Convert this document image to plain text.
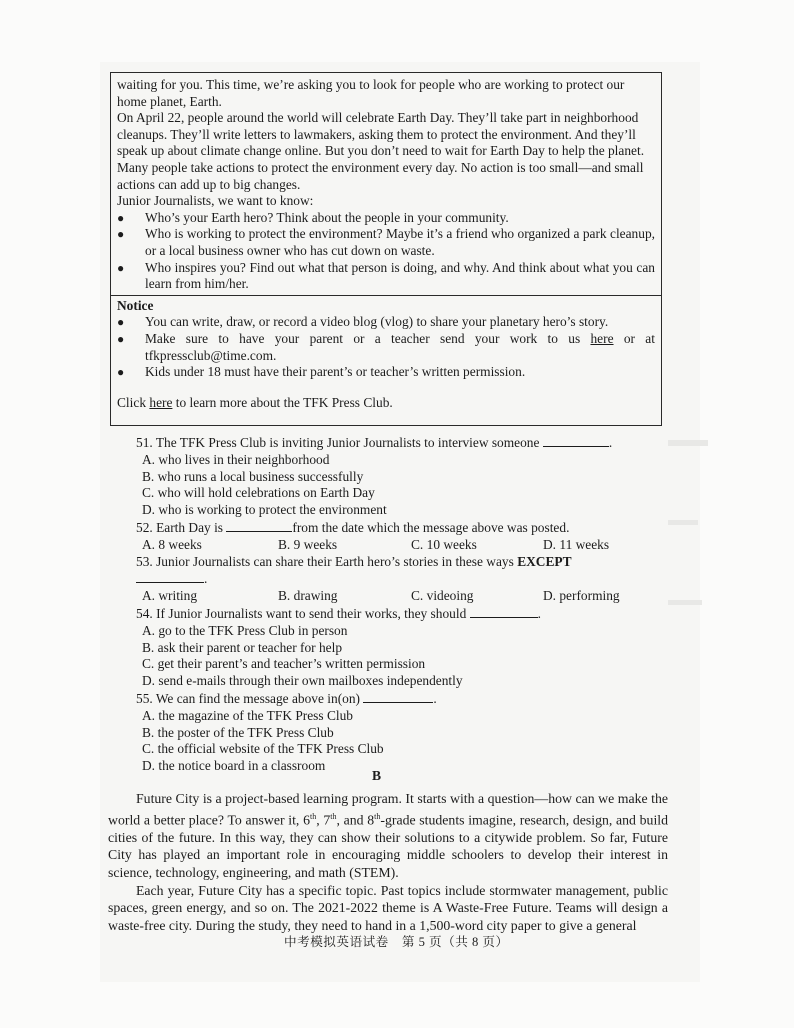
waiting for you. This time, we’re asking you to look for people who are working to protect our home planet, Earth.

On April 22, people around the world will celebrate Earth Day. They’ll take part in neighborhood cleanups. They’ll write letters to lawmakers, asking them to protect the environment. And they’ll speak up about climate change online. But you don’t need to wait for Earth Day to help the planet. Many people take actions to protect the environment every day. No action is too small—and small actions can add up to big changes.

Junior Journalists, we want to know:

●	Who’s your Earth hero? Think about the people in your community.
●	Who is working to protect the environment? Maybe it’s a friend who organized a park cleanup, or a local business owner who has cut down on waste.
●	Who inspires you? Find out what that person is doing, and why. And think about what you can learn from him/her.

Notice

●	You can write, draw, or record a video blog (vlog) to share your planetary hero’s story.
●	Make sure to have your parent or a teacher send your work to us here or at tfkpressclub@time.com.
●	Kids under 18 must have their parent’s or teacher’s written permission.

Click here to learn more about the TFK Press Club.

51. The TFK Press Club is inviting Junior Journalists to interview someone	.

A. who lives in their neighborhood

B. who runs a local business successfully

C. who will hold celebrations on Earth Day

D. who is working to protect the environment

52. Earth Day is	from the date which the message above was posted.

A. 8 weeks	B. 9 weeks	C. 10 weeks	D. 11 weeks

53. Junior Journalists can share their Earth hero’s stories in these ways EXCEPT.

A. writing	B. drawing	C. videoing	D. performing

54. If Junior Journalists want to send their works, they should	.

A. go to the TFK Press Club in person

B. ask their parent or teacher for help

C. get their parent’s and teacher’s written permission

D. send e-mails through their own mailboxes independently

55. We can find the message above in(on)	.

A. the magazine of the TFK Press Club

B. the poster of the TFK Press Club

C. the official website of the TFK Press Club

D. the notice board in a classroom

B

Future City is a project-based learning program. It starts with a question—how can we make the world a better place? To answer it, 6th, 7th, and 8th-grade students imagine, research, design, and build cities of the future. In this way, they can show their solutions to a citywide problem. So far, Future City has played an important role in encouraging middle schoolers to develop their interest in science, technology, engineering, and math (STEM).

Each year, Future City has a specific topic. Past topics include stormwater management, public spaces, green energy, and so on. The 2021-2022 theme is A Waste-Free Future. Teams will design a waste-free city. During the study, they need to hand in a 1,500-word city paper to give a general

中考模拟英语试卷　第 5 页（共 8 页）
